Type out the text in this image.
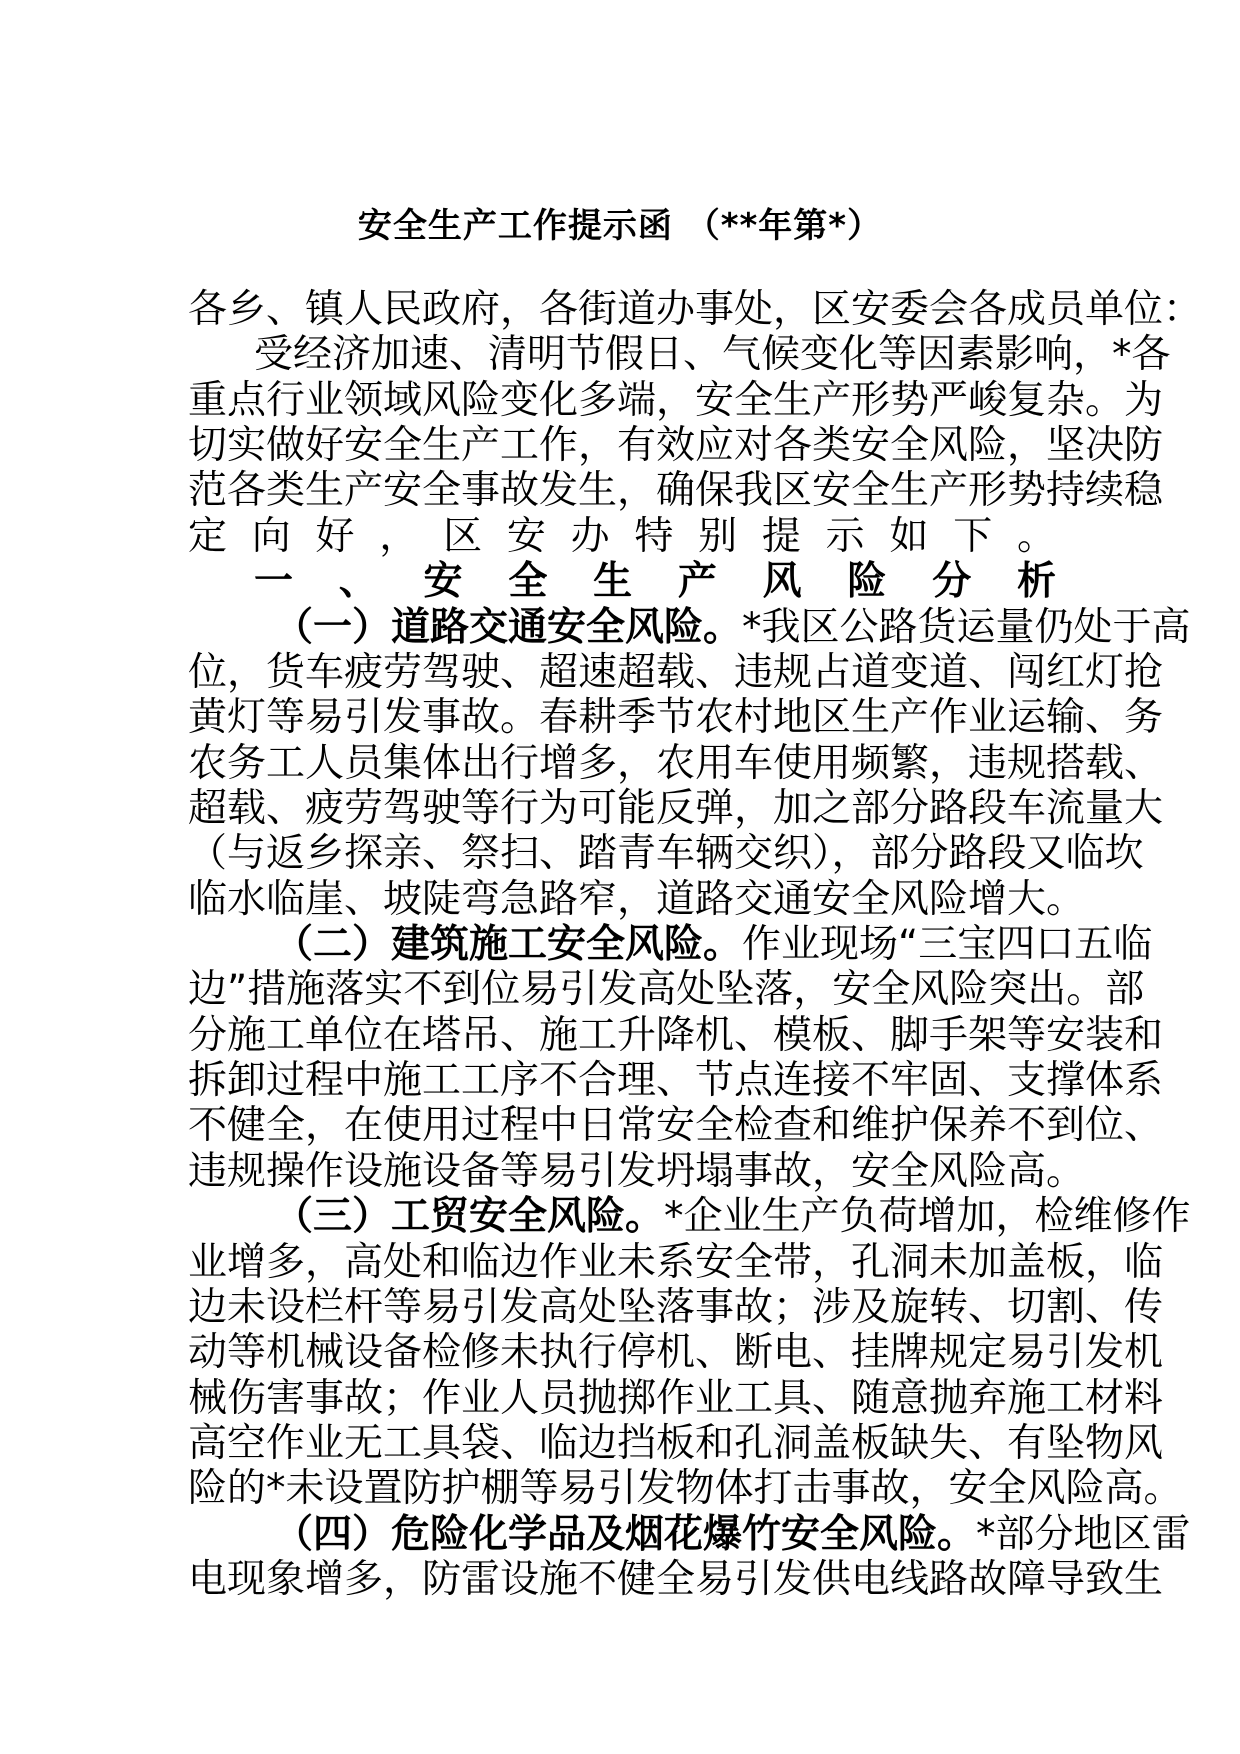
安全生产工作提示函 （**年第*）
各乡、镇人民政府，各街道办事处，区安委会各成员单位：
受经济加速、清明节假日、气候变化等因素影响，*各
重点行业领域风险变化多端，安全生产形势严峻复杂。为
切实做好安全生产工作，有效应对各类安全风险，坚决防
范各类生产安全事故发生，确保我区安全生产形势持续稳
定向好，区安办特别提示如下。
一、安全生产风险分析
（一）道路交通安全风险。*我区公路货运量仍处于高
位，货车疲劳驾驶、超速超载、违规占道变道、闯红灯抢
黄灯等易引发事故。春耕季节农村地区生产作业运输、务
农务工人员集体出行增多，农用车使用频繁，违规搭载、
超载、疲劳驾驶等行为可能反弹，加之部分路段车流量大
（与返乡探亲、祭扫、踏青车辆交织），部分路段又临坎
临水临崖、坡陡弯急路窄，道路交通安全风险增大。
（二）建筑施工安全风险。作业现场“三宝四口五临
边”措施落实不到位易引发高处坠落，安全风险突出。部
分施工单位在塔吊、施工升降机、模板、脚手架等安装和
拆卸过程中施工工序不合理、节点连接不牢固、支撑体系
不健全，在使用过程中日常安全检查和维护保养不到位、
违规操作设施设备等易引发坍塌事故，安全风险高。
（三）工贸安全风险。*企业生产负荷增加，检维修作
业增多，高处和临边作业未系安全带，孔洞未加盖板，临
边未设栏杆等易引发高处坠落事故；涉及旋转、切割、传
动等机械设备检修未执行停机、断电、挂牌规定易引发机
械伤害事故；作业人员抛掷作业工具、随意抛弃施工材料
高空作业无工具袋、临边挡板和孔洞盖板缺失、有坠物风
险的*未设置防护棚等易引发物体打击事故，安全风险高。
（四）危险化学品及烟花爆竹安全风险。*部分地区雷
电现象增多，防雷设施不健全易引发供电线路故障导致生
